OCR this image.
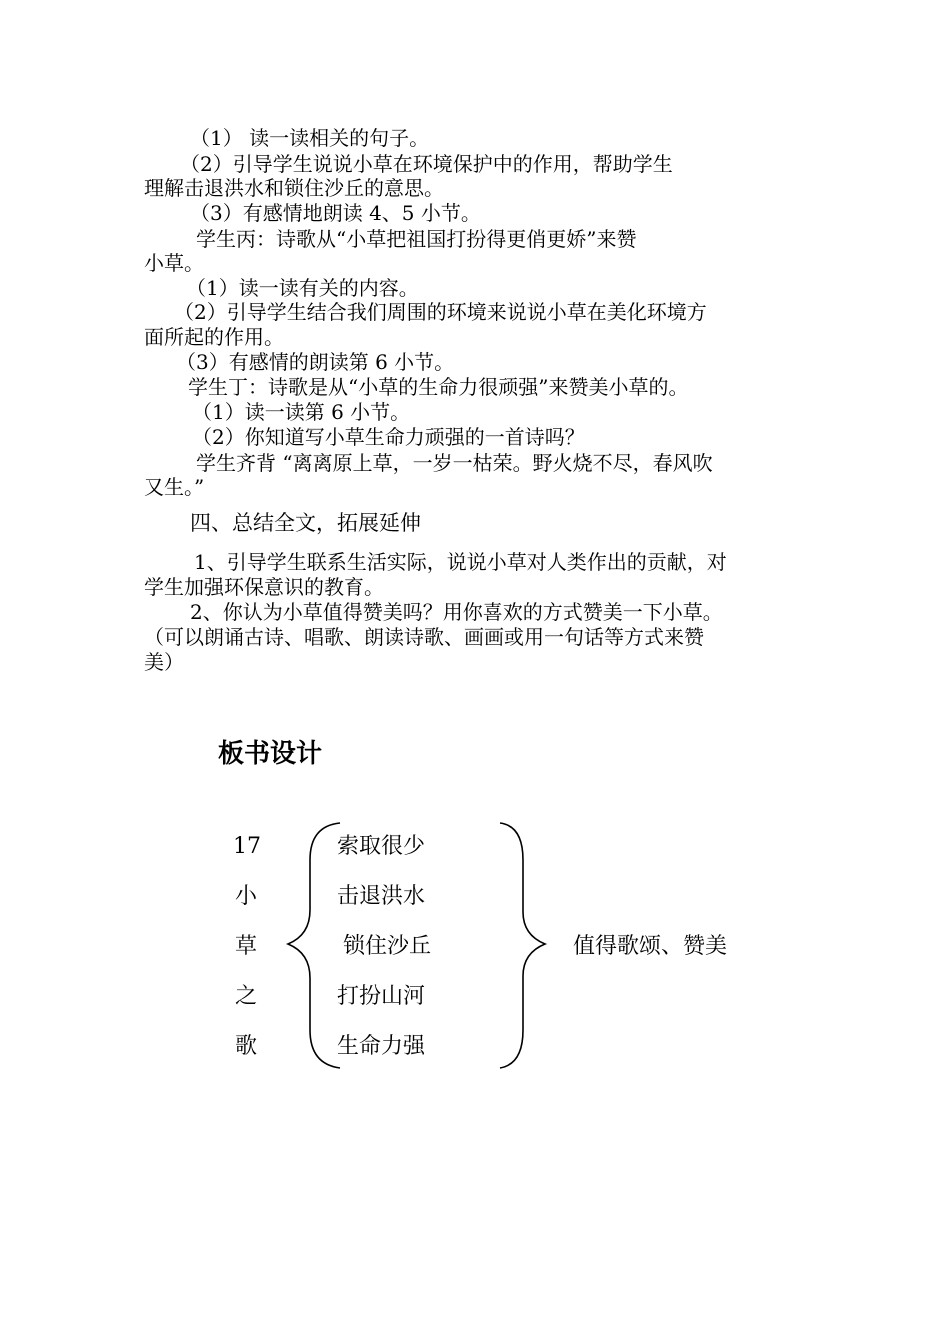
（1） 读一读相关的句子。
（2）引导学生说说小草在环境保护中的作用，帮助学生
理解击退洪水和锁住沙丘的意思。
（3）有感情地朗读 4、5 小节。
学生丙：诗歌从“小草把祖国打扮得更俏更娇”来赞
小草。
（1）读一读有关的内容。
（2）引导学生结合我们周围的环境来说说小草在美化环境方
面所起的作用。
（3）有感情的朗读第 6 小节。
学生丁：诗歌是从“小草的生命力很顽强”来赞美小草的。
（1）读一读第 6 小节。
（2）你知道写小草生命力顽强的一首诗吗？
学生齐背 “离离原上草，一岁一枯荣。野火烧不尽，春风吹
又生。”
四、总结全文，拓展延伸
1、引导学生联系生活实际，说说小草对人类作出的贡献，对
学生加强环保意识的教育。
2、你认为小草值得赞美吗？用你喜欢的方式赞美一下小草。
（可以朗诵古诗、唱歌、朗读诗歌、画画或用一句话等方式来赞
美）
板书设计
17
小
草
之
歌
索取很少
击退洪水
锁住沙丘
打扮山河
生命力强
值得歌颂、赞美
